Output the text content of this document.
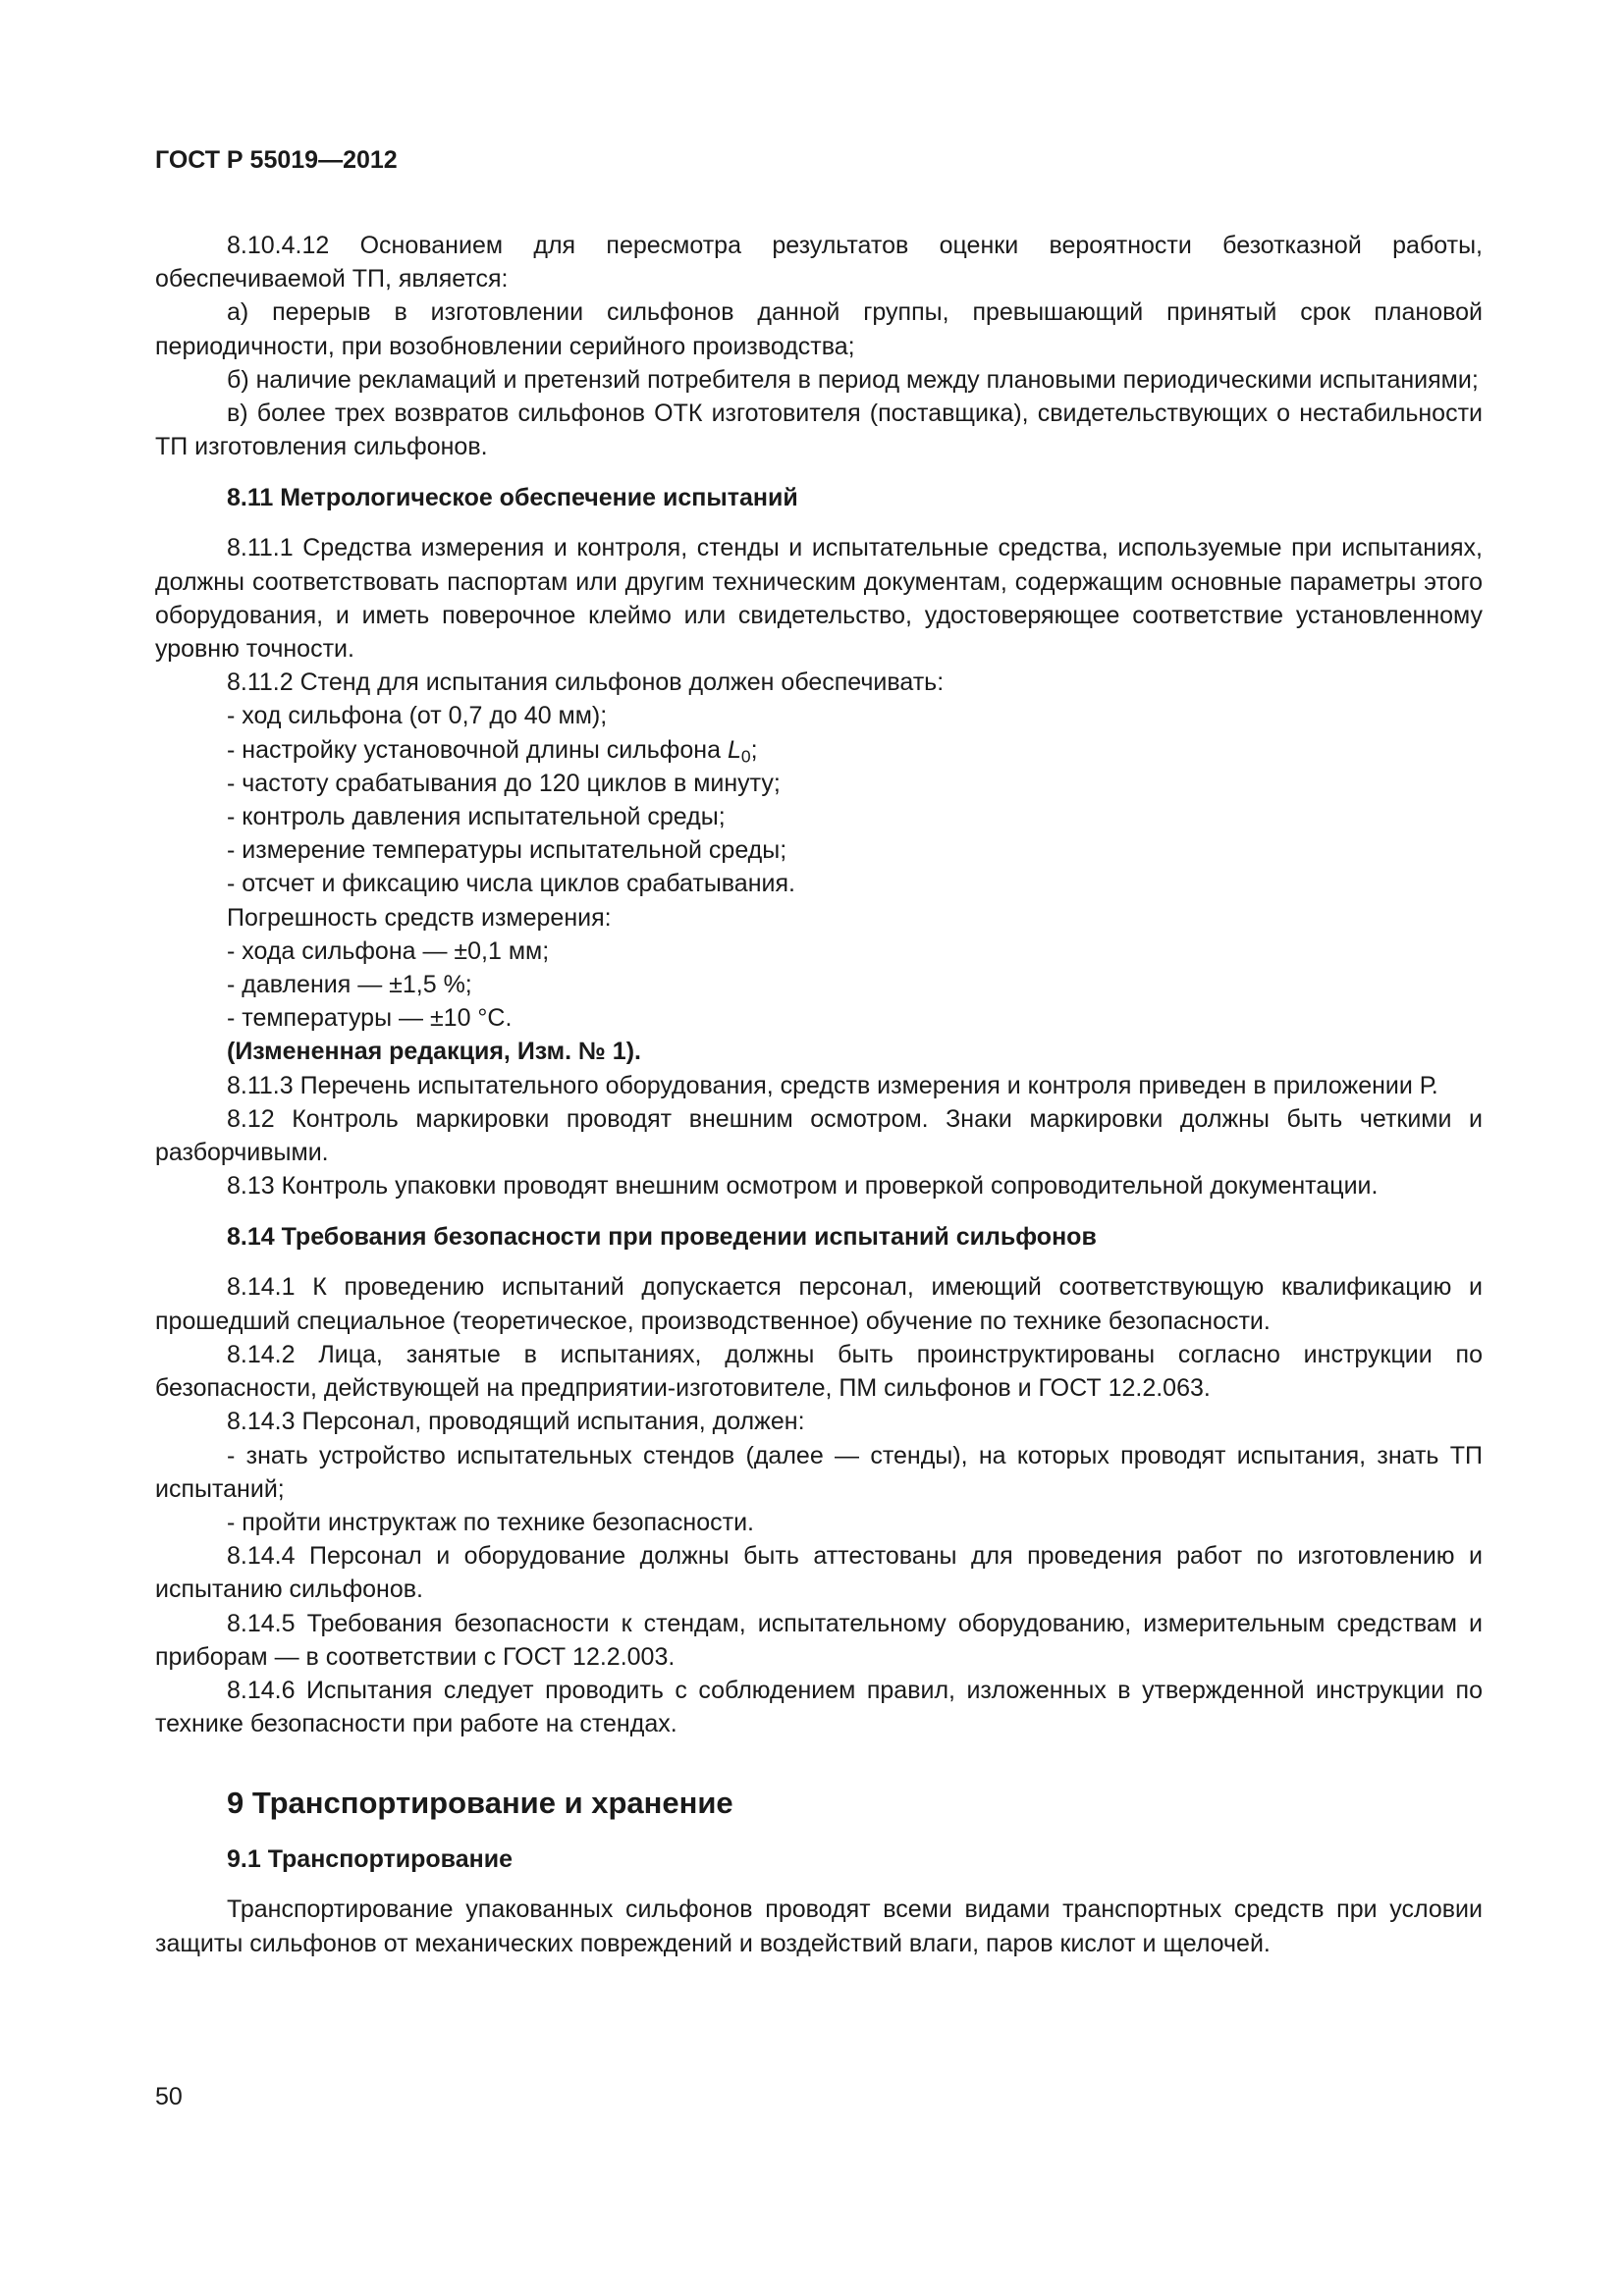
ГОСТ Р 55019—2012

8.10.4.12 Основанием для пересмотра результатов оценки вероятности безотказной работы, обеспечиваемой ТП, является:

а) перерыв в изготовлении сильфонов данной группы, превышающий принятый срок плановой периодичности, при возобновлении серийного производства;

б) наличие рекламаций и претензий потребителя в период между плановыми периодическими испытаниями;

в) более трех возвратов сильфонов ОТК изготовителя (поставщика), свидетельствующих о нестабильности ТП изготовления сильфонов.

8.11 Метрологическое обеспечение испытаний

8.11.1 Средства измерения и контроля, стенды и испытательные средства, используемые при испытаниях, должны соответствовать паспортам или другим техническим документам, содержащим основные параметры этого оборудования, и иметь поверочное клеймо или свидетельство, удостоверяющее соответствие установленному уровню точности.

8.11.2 Стенд для испытания сильфонов должен обеспечивать:

- ход сильфона (от 0,7 до 40 мм);

- настройку установочной длины сильфона $L_0$;

- частоту срабатывания до 120 циклов в минуту;

- контроль давления испытательной среды;

- измерение температуры испытательной среды;

- отсчет и фиксацию числа циклов срабатывания.

Погрешность средств измерения:

- хода сильфона — ±0,1 мм;

- давления — ±1,5 %;

- температуры — ±10 °С.

(Измененная редакция, Изм. № 1).

8.11.3 Перечень испытательного оборудования, средств измерения и контроля приведен в приложении Р.

8.12 Контроль маркировки проводят внешним осмотром. Знаки маркировки должны быть четкими и разборчивыми.

8.13 Контроль упаковки проводят внешним осмотром и проверкой сопроводительной документации.

8.14 Требования безопасности при проведении испытаний сильфонов

8.14.1 К проведению испытаний допускается персонал, имеющий соответствующую квалификацию и прошедший специальное (теоретическое, производственное) обучение по технике безопасности.

8.14.2 Лица, занятые в испытаниях, должны быть проинструктированы согласно инструкции по безопасности, действующей на предприятии-изготовителе, ПМ сильфонов и ГОСТ 12.2.063.

8.14.3 Персонал, проводящий испытания, должен:

- знать устройство испытательных стендов (далее — стенды), на которых проводят испытания, знать ТП испытаний;

- пройти инструктаж по технике безопасности.

8.14.4 Персонал и оборудование должны быть аттестованы для проведения работ по изготовлению и испытанию сильфонов.

8.14.5 Требования безопасности к стендам, испытательному оборудованию, измерительным средствам и приборам — в соответствии с ГОСТ 12.2.003.

8.14.6 Испытания следует проводить с соблюдением правил, изложенных в утвержденной инструкции по технике безопасности при работе на стендах.

9 Транспортирование и хранение
9.1 Транспортирование

Транспортирование упакованных сильфонов проводят всеми видами транспортных средств при условии защиты сильфонов от механических повреждений и воздействий влаги, паров кислот и щелочей.

50
